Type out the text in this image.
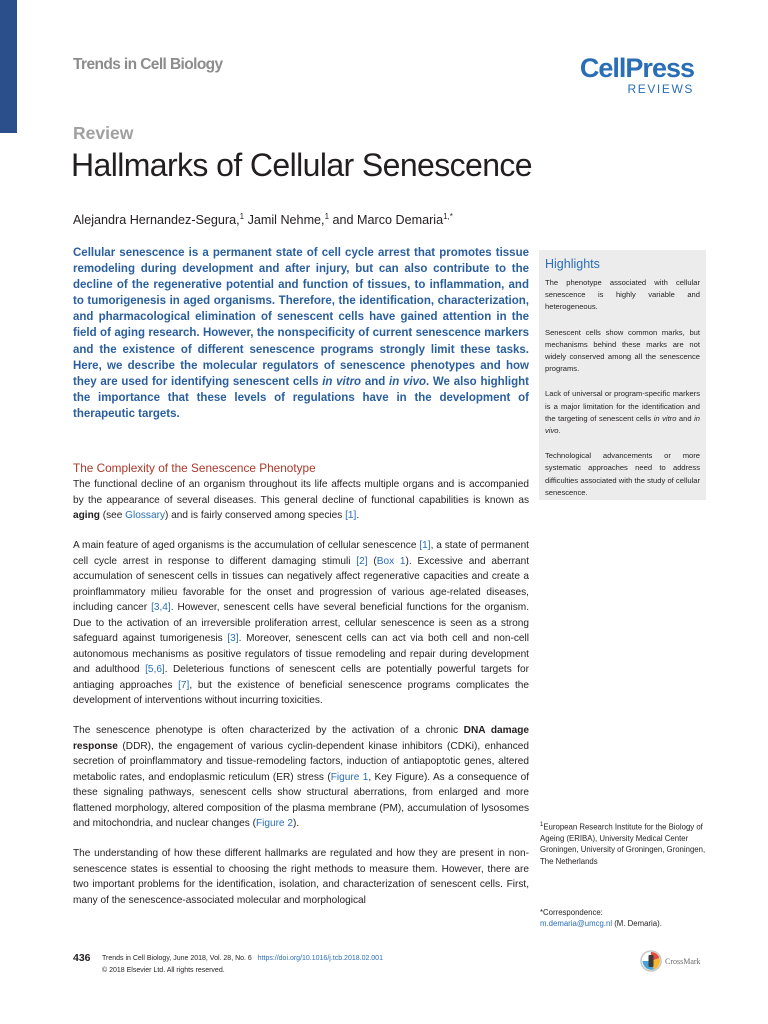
Trends in Cell Biology	CellPress
REVIEWS
Review
Hallmarks of Cellular Senescence
Alejandra Hernandez-Segura,$^1$ Jamil Nehme,$^1$ and Marco Demaria$^{1,*}$
Cellular senescence is a permanent state of cell cycle arrest that promotes tissue remodeling during development and after injury, but can also contribute to the decline of the regenerative potential and function of tissues, to inflammation, and to tumorigenesis in aged organisms. Therefore, the identification, characterization, and pharmacological elimination of senescent cells have gained attention in the field of aging research. However, the nonspecificity of current senescence markers and the existence of different senescence programs strongly limit these tasks. Here, we describe the molecular regulators of senescence phenotypes and how they are used for identifying senescent cells in vitro and in vivo. We also highlight the importance that these levels of regulations have in the development of therapeutic targets.
The Complexity of the Senescence Phenotype

The functional decline of an organism throughout its life affects multiple organs and is accompanied by the appearance of several diseases. This general decline of functional capabilities is known as aging (see Glossary) and is fairly conserved among species [1].

A main feature of aged organisms is the accumulation of cellular senescence [1], a state of permanent cell cycle arrest in response to different damaging stimuli [2] (Box 1). Excessive and aberrant accumulation of senescent cells in tissues can negatively affect regenerative capacities and create a proinflammatory milieu favorable for the onset and progression of various age-related diseases, including cancer [3,4]. However, senescent cells have several beneficial functions for the organism. Due to the activation of an irreversible proliferation arrest, cellular senescence is seen as a strong safeguard against tumorigenesis [3]. Moreover, senescent cells can act via both cell and non-cell autonomous mechanisms as positive regulators of tissue remodeling and repair during development and adulthood [5,6]. Deleterious functions of senescent cells are potentially powerful targets for antiaging approaches [7], but the existence of beneficial senescence programs complicates the development of interventions without incurring toxicities.

The senescence phenotype is often characterized by the activation of a chronic DNA damage response (DDR), the engagement of various cyclin-dependent kinase inhibitors (CDKi), enhanced secretion of proinflammatory and tissue-remodeling factors, induction of antiapoptotic genes, altered metabolic rates, and endoplasmic reticulum (ER) stress (Figure 1, Key Figure). As a consequence of these signaling pathways, senescent cells show structural aberrations, from enlarged and more flattened morphology, altered composition of the plasma membrane (PM), accumulation of lysosomes and mitochondria, and nuclear changes (Figure 2).

The understanding of how these different hallmarks are regulated and how they are present in non-senescence states is essential to choosing the right methods to measure them. However, there are two important problems for the identification, isolation, and characterization of senescent cells. First, many of the senescence-associated molecular and morphological

Highlights

The phenotype associated with cellular senescence is highly variable and heterogeneous.

Senescent cells show common marks, but mechanisms behind these marks are not widely conserved among all the senescence programs.

Lack of universal or program-specific markers is a major limitation for the identification and the targeting of senescent cells in vitro and in vivo.

Technological advancements or more systematic approaches need to address difficulties associated with the study of cellular senescence.

$^1$European Research Institute for the Biology of Ageing (ERIBA), University Medical Center Groningen, University of Groningen, Groningen, The Netherlands
*Correspondence:
m.demaria@umcg.nl (M. Demaria).
436 Trends in Cell Biology, June 2018, Vol. 28, No. 6 https://doi.org/10.1016/j.tcb.2018.02.001
© 2018 Elsevier Ltd. All rights reserved.
CrossMark
